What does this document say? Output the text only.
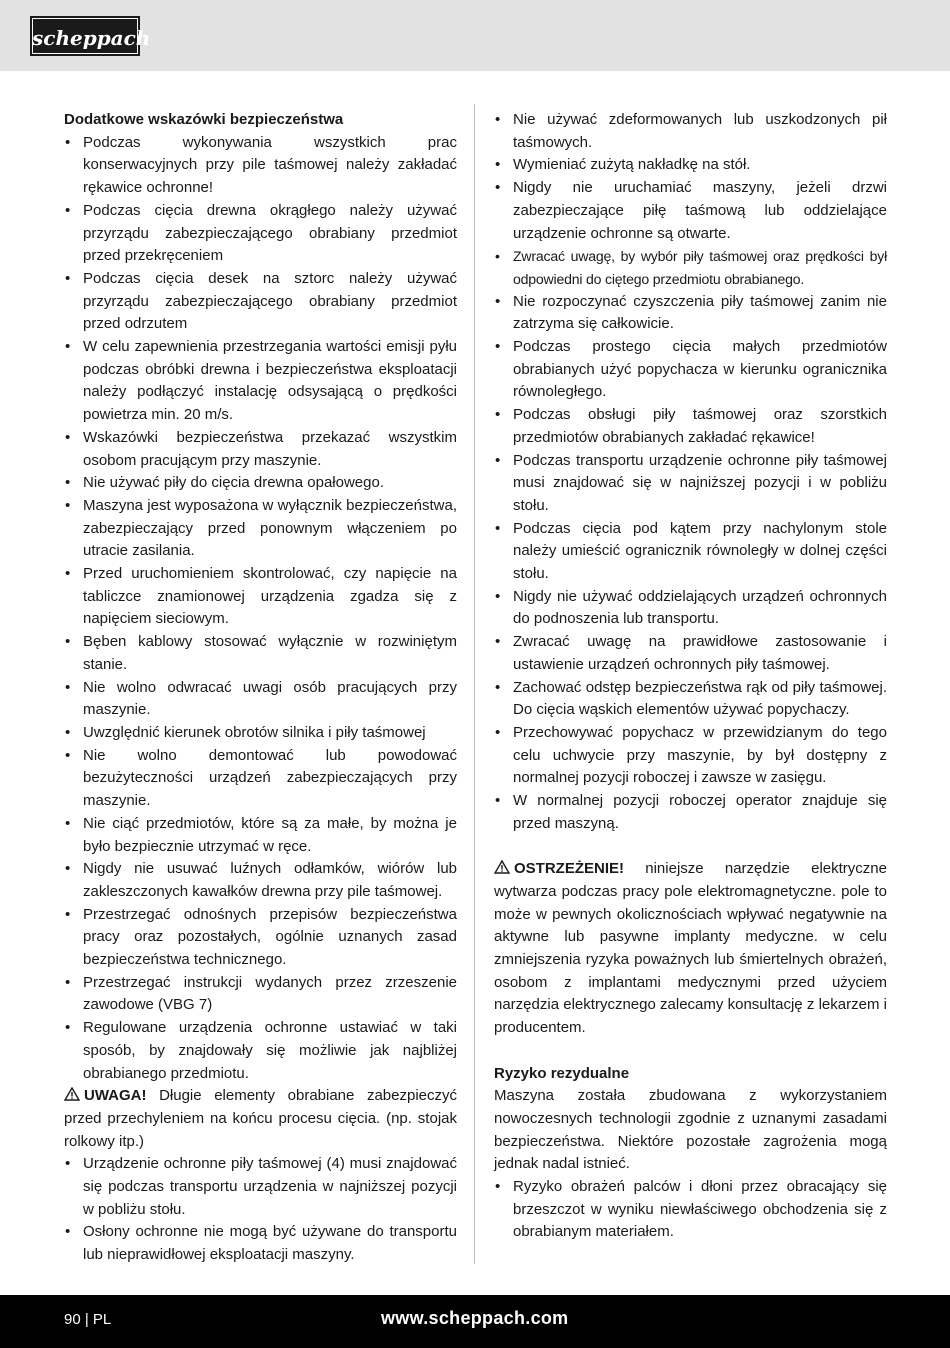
scheppach

Dodatkowe wskazówki bezpieczeństwa

• Podczas wykonywania wszystkich prac konserwacyjnych przy pile taśmowej należy zakładać rękawice ochronne!
• Podczas cięcia drewna okrągłego należy używać przyrządu zabezpieczającego obrabiany przedmiot przed przekręceniem
• Podczas cięcia desek na sztorc należy używać przyrządu zabezpieczającego obrabiany przedmiot przed odrzutem
• W celu zapewnienia przestrzegania wartości emisji pyłu podczas obróbki drewna i bezpieczeństwa eksploatacji należy podłączyć instalację odsysającą o prędkości powietrza min. 20 m/s.
• Wskazówki bezpieczeństwa przekazać wszystkim osobom pracującym przy maszynie.
• Nie używać piły do cięcia drewna opałowego.
• Maszyna jest wyposażona w wyłącznik bezpieczeństwa, zabezpieczający przed ponownym włączeniem po utracie zasilania.
• Przed uruchomieniem skontrolować, czy napięcie na tabliczce znamionowej urządzenia zgadza się z napięciem sieciowym.
• Bęben kablowy stosować wyłącznie w rozwiniętym stanie.
• Nie wolno odwracać uwagi osób pracujących przy maszynie.
• Uwzględnić kierunek obrotów silnika i piły taśmowej
• Nie wolno demontować lub powodować bezużyteczności urządzeń zabezpieczających przy maszynie.
• Nie ciąć przedmiotów, które są za małe, by można je było bezpiecznie utrzymać w ręce.
• Nigdy nie usuwać luźnych odłamków, wiórów lub zakleszczonych kawałków drewna przy pile taśmowej.
• Przestrzegać odnośnych przepisów bezpieczeństwa pracy oraz pozostałych, ogólnie uznanych zasad bezpieczeństwa technicznego.
• Przestrzegać instrukcji wydanych przez zrzeszenie zawodowe (VBG 7)
• Regulowane urządzenia ochronne ustawiać w taki sposób, by znajdowały się możliwie jak najbliżej obrabianego przedmiotu.

UWAGA! Długie elementy obrabiane zabezpieczyć przed przechyleniem na końcu procesu cięcia. (np. stojak rolkowy itp.)

• Urządzenie ochronne piły taśmowej (4) musi znajdować się podczas transportu urządzenia w najniższej pozycji w pobliżu stołu.
• Osłony ochronne nie mogą być używane do transportu lub nieprawidłowej eksploatacji maszyny.
• Nie używać zdeformowanych lub uszkodzonych pił taśmowych.
• Wymieniać zużytą nakładkę na stół.
• Nigdy nie uruchamiać maszyny, jeżeli drzwi zabezpieczające piłę taśmową lub oddzielające urządzenie ochronne są otwarte.
• Zwracać uwagę, by wybór piły taśmowej oraz prędkości był odpowiedni do ciętego przedmiotu obrabianego.
• Nie rozpoczynać czyszczenia piły taśmowej zanim nie zatrzyma się całkowicie.
• Podczas prostego cięcia małych przedmiotów obrabianych użyć popychacza w kierunku ogranicznika równoległego.
• Podczas obsługi piły taśmowej oraz szorstkich przedmiotów obrabianych zakładać rękawice!
• Podczas transportu urządzenie ochronne piły taśmowej musi znajdować się w najniższej pozycji i w pobliżu stołu.
• Podczas cięcia pod kątem przy nachylonym stole należy umieścić ogranicznik równoległy w dolnej części stołu.
• Nigdy nie używać oddzielających urządzeń ochronnych do podnoszenia lub transportu.
• Zwracać uwagę na prawidłowe zastosowanie i ustawienie urządzeń ochronnych piły taśmowej.
• Zachować odstęp bezpieczeństwa rąk od piły taśmowej. Do cięcia wąskich elementów używać popychaczy.
• Przechowywać popychacz w przewidzianym do tego celu uchwycie przy maszynie, by był dostępny z normalnej pozycji roboczej i zawsze w zasięgu.
• W normalnej pozycji roboczej operator znajduje się przed maszyną.

OSTRZEŻENIE! niniejsze narzędzie elektryczne wytwarza podczas pracy pole elektromagnetyczne. pole to może w pewnych okolicznościach wpływać negatywnie na aktywne lub pasywne implanty medyczne. w celu zmniejszenia ryzyka poważnych lub śmiertelnych obrażeń, osobom z implantami medycznymi przed użyciem narzędzia elektrycznego zalecamy konsultację z lekarzem i producentem.

Ryzyko rezydualne

Maszyna została zbudowana z wykorzystaniem nowoczesnych technologii zgodnie z uznanymi zasadami bezpieczeństwa. Niektóre pozostałe zagrożenia mogą jednak nadal istnieć.

• Ryzyko obrażeń palców i dłoni przez obracający się brzeszczot w wyniku niewłaściwego obchodzenia się z obrabianym materiałem.
90 | PL	www.scheppach.com
